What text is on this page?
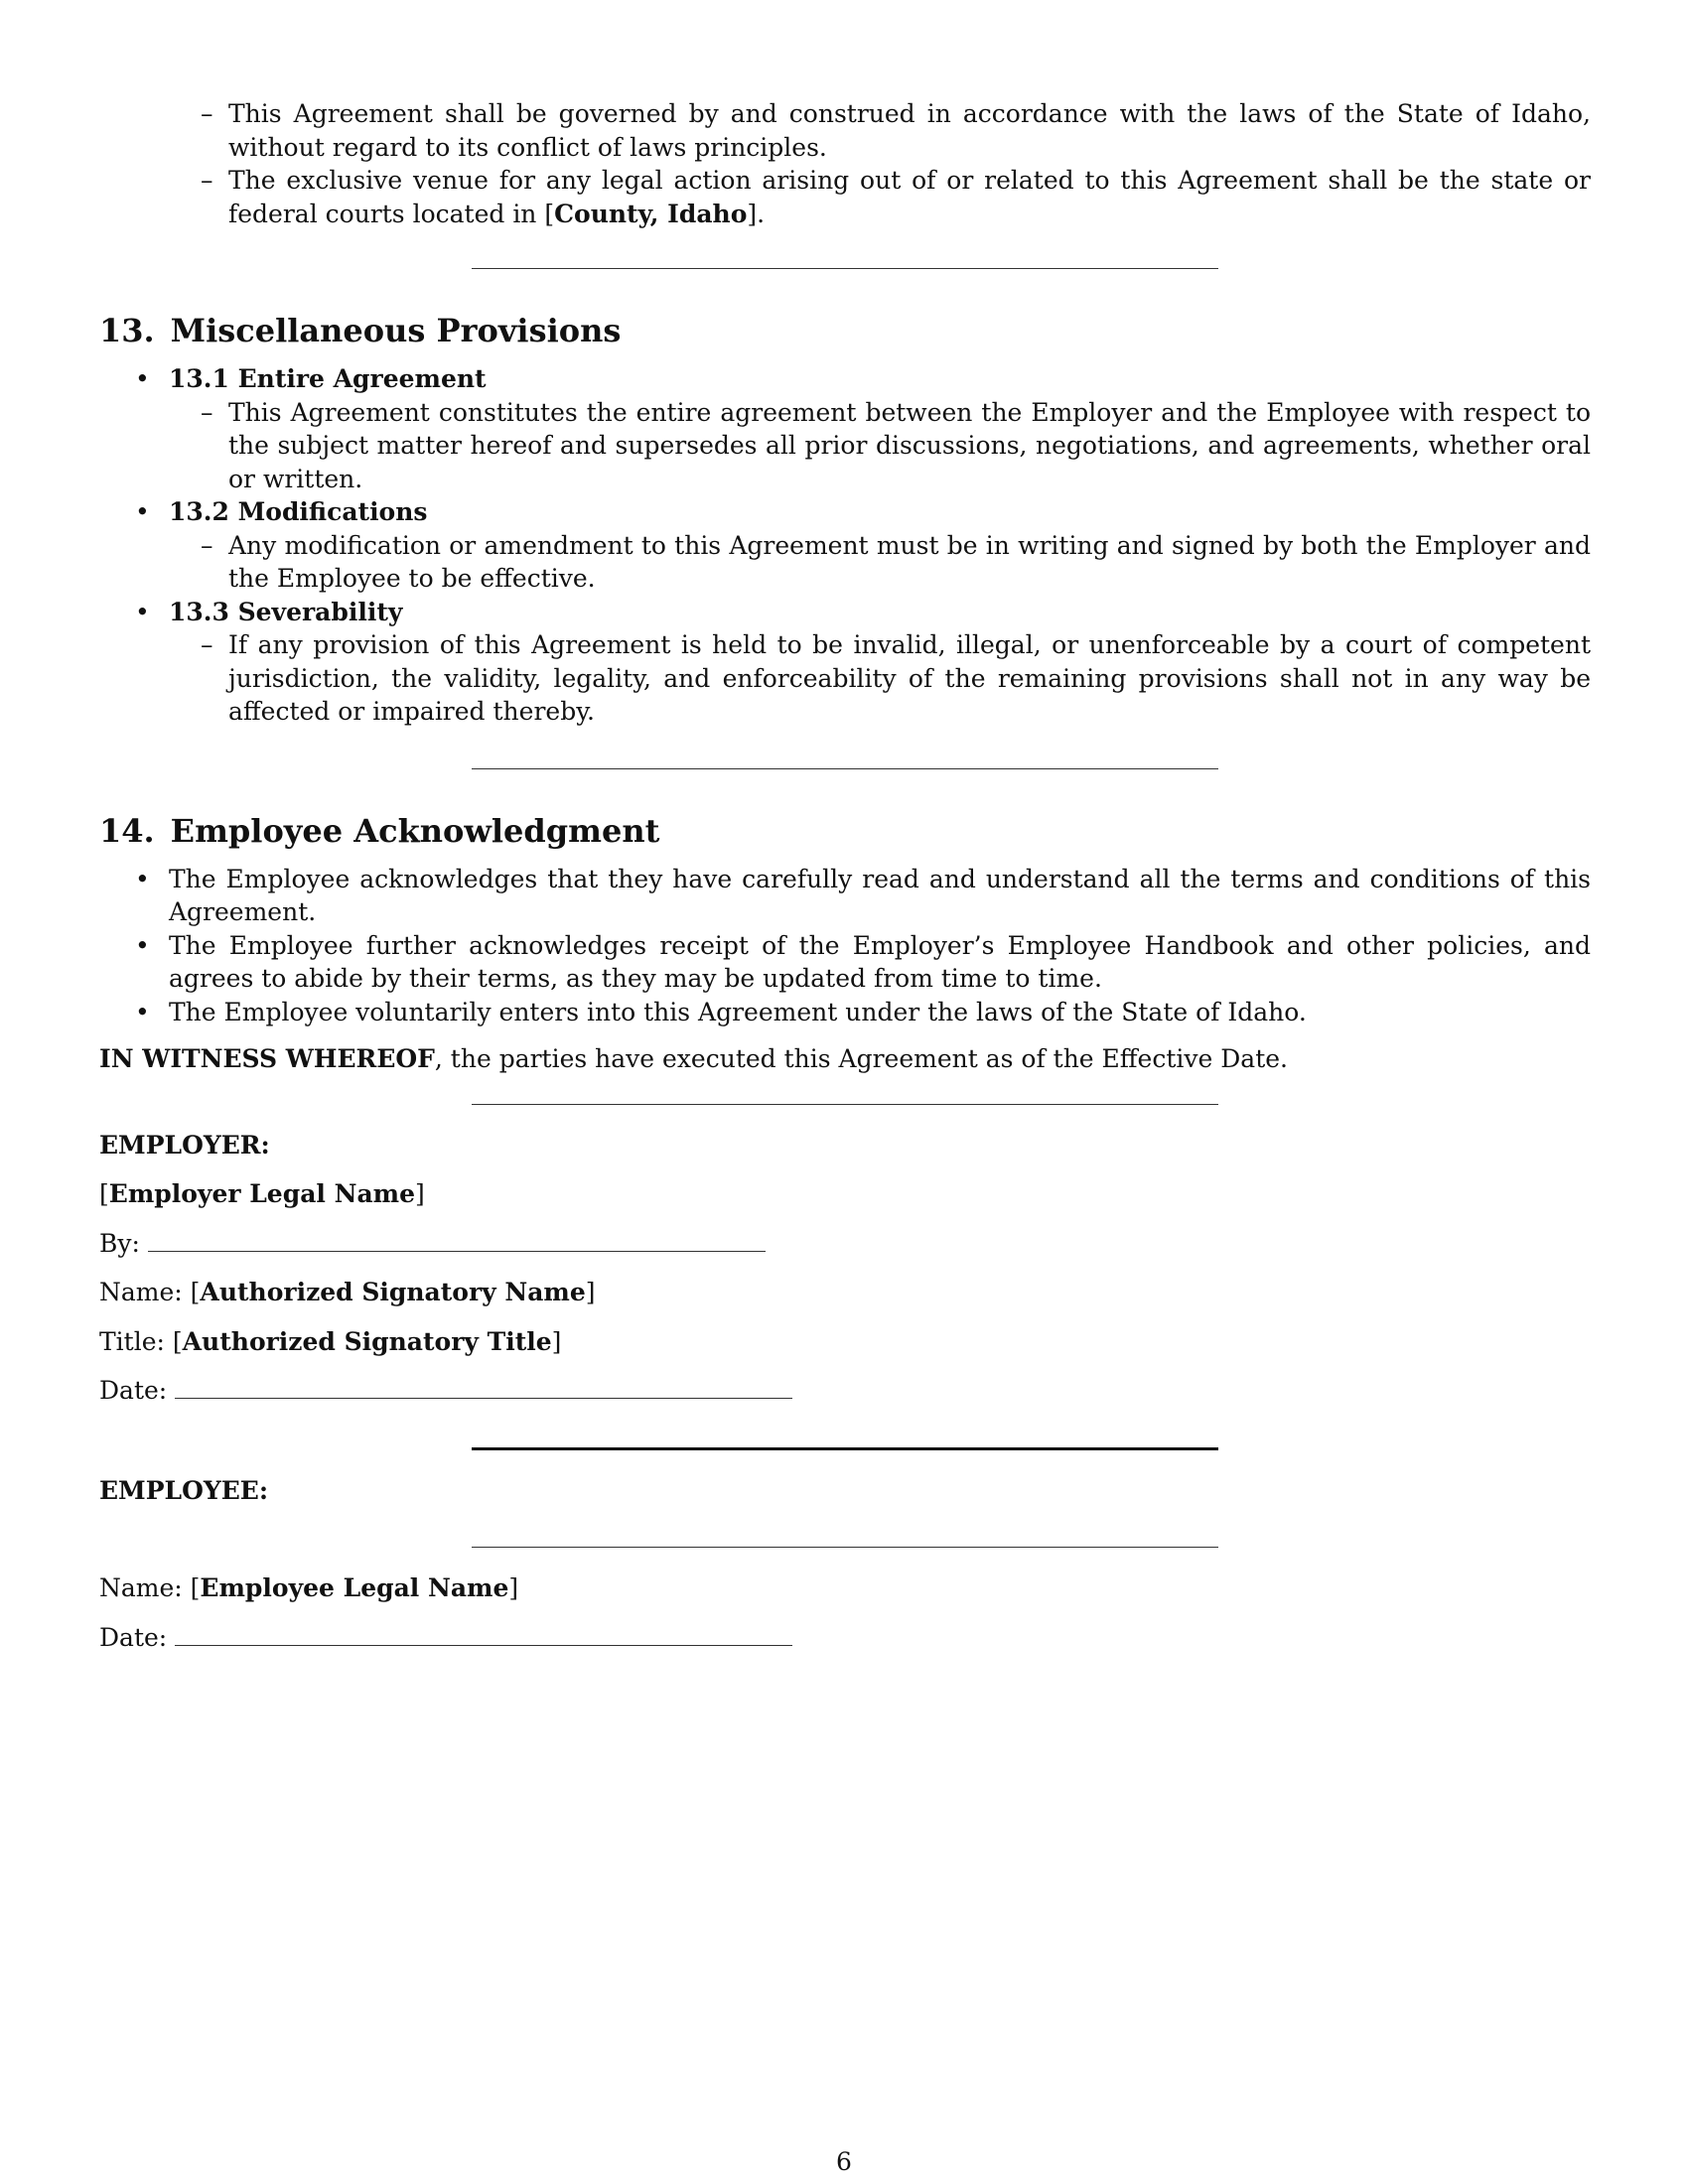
– This Agreement shall be governed by and construed in accordance with the laws of the State of Idaho, without regard to its conflict of laws principles.
– The exclusive venue for any legal action arising out of or related to this Agreement shall be the state or federal courts located in [County, Idaho].
13. Miscellaneous Provisions
• 13.1 Entire Agreement
– This Agreement constitutes the entire agreement between the Employer and the Employee with respect to the subject matter hereof and supersedes all prior discussions, negotiations, and agreements, whether oral or written.
• 13.2 Modifications
– Any modification or amendment to this Agreement must be in writing and signed by both the Employer and the Employee to be effective.
• 13.3 Severability
– If any provision of this Agreement is held to be invalid, illegal, or unenforceable by a court of competent jurisdiction, the validity, legality, and enforceability of the remaining provisions shall not in any way be affected or impaired thereby.
14. Employee Acknowledgment
• The Employee acknowledges that they have carefully read and understand all the terms and conditions of this Agreement.
• The Employee further acknowledges receipt of the Employer’s Employee Handbook and other policies, and agrees to abide by their terms, as they may be updated from time to time.
• The Employee voluntarily enters into this Agreement under the laws of the State of Idaho.

IN WITNESS WHEREOF, the parties have executed this Agreement as of the Effective Date.

EMPLOYER:

[Employer Legal Name]

By:

Name: [Authorized Signatory Name]

Title: [Authorized Signatory Title]

Date:

EMPLOYEE:

Name: [Employee Legal Name]

Date:

6
